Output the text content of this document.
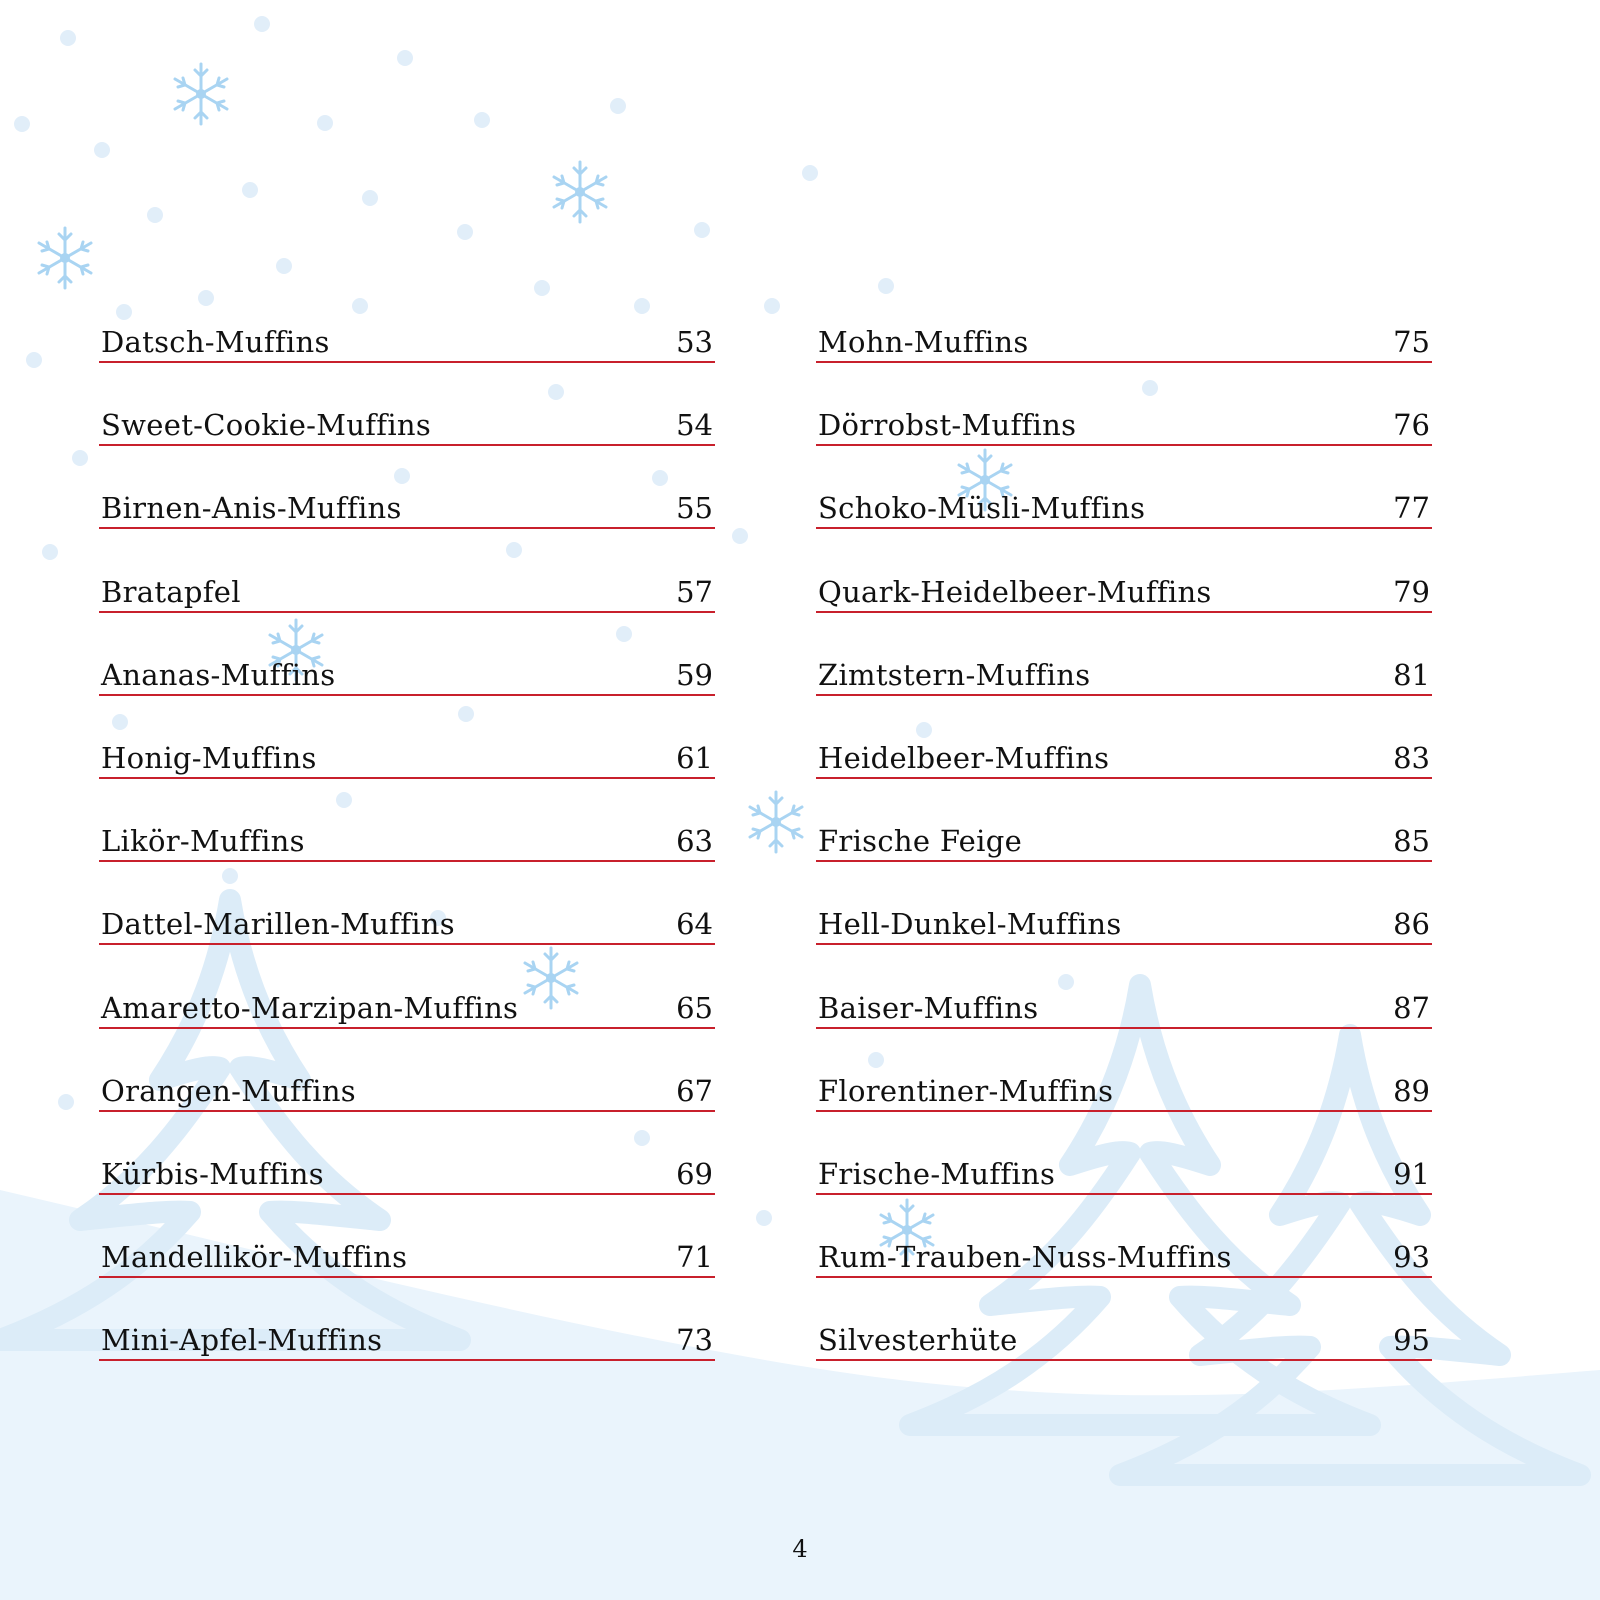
Datsch-Muffins	53
Sweet-Cookie-Muffins	54
Birnen-Anis-Muffins	55
Bratapfel	57
Ananas-Muffins	59
Honig-Muffins	61
Likör-Muffins	63
Dattel-Marillen-Muffins	64
Amaretto-Marzipan-Muffins	65
Orangen-Muffins	67
Kürbis-Muffins	69
Mandellikör-Muffins	71
Mini-Apfel-Muffins	73
Mohn-Muffins	75
Dörrobst-Muffins	76
Schoko-Müsli-Muffins	77
Quark-Heidelbeer-Muffins	79
Zimtstern-Muffins	81
Heidelbeer-Muffins	83
Frische Feige	85
Hell-Dunkel-Muffins	86
Baiser-Muffins	87
Florentiner-Muffins	89
Frische-Muffins	91
Rum-Trauben-Nuss-Muffins	93
Silvesterhüte	95
4
